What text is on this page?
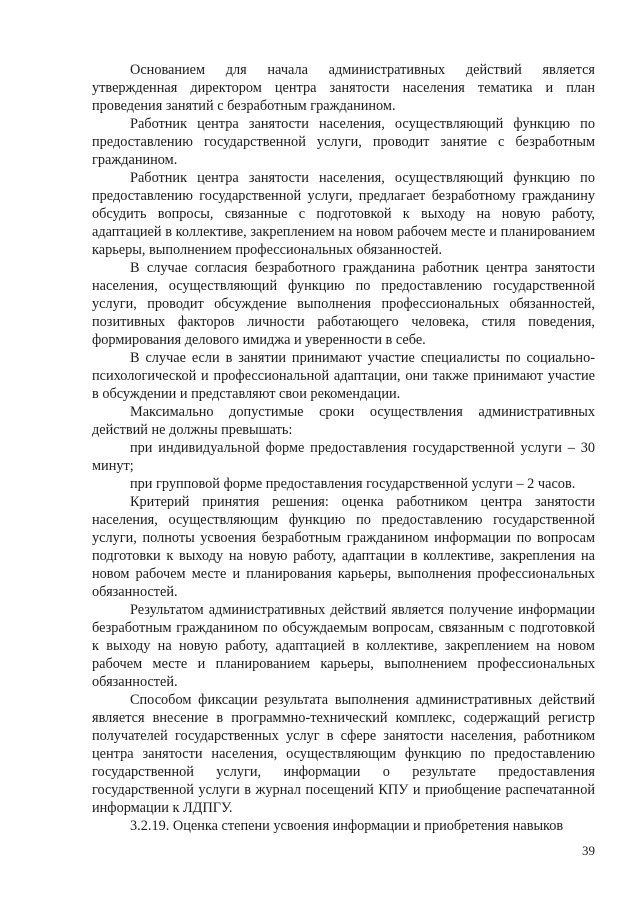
Основанием для начала административных действий является утвержденная директором центра занятости населения тематика и план проведения занятий с безработным гражданином.

Работник центра занятости населения, осуществляющий функцию по предоставлению государственной услуги, проводит занятие с безработным гражданином.

Работник центра занятости населения, осуществляющий функцию по предоставлению государственной услуги, предлагает безработному гражданину обсудить вопросы, связанные с подготовкой к выходу на новую работу, адаптацией в коллективе, закреплением на новом рабочем месте и планированием карьеры, выполнением профессиональных обязанностей.

В случае согласия безработного гражданина работник центра занятости населения, осуществляющий функцию по предоставлению государственной услуги, проводит обсуждение выполнения профессиональных обязанностей, позитивных факторов личности работающего человека, стиля поведения, формирования делового имиджа и уверенности в себе.

В случае если в занятии принимают участие специалисты по социально-психологической и профессиональной адаптации, они также принимают участие в обсуждении и представляют свои рекомендации.

Максимально допустимые сроки осуществления административных действий не должны превышать:

при индивидуальной форме предоставления государственной услуги – 30 минут;

при групповой форме предоставления государственной услуги – 2 часов.

Критерий принятия решения: оценка работником центра занятости населения, осуществляющим функцию по предоставлению государственной услуги, полноты усвоения безработным гражданином информации по вопросам подготовки к выходу на новую работу, адаптации в коллективе, закрепления на новом рабочем месте и планирования карьеры, выполнения профессиональных обязанностей.

Результатом административных действий является получение информации безработным гражданином по обсуждаемым вопросам, связанным с подготовкой к выходу на новую работу, адаптацией в коллективе, закреплением на новом рабочем месте и планированием карьеры, выполнением профессиональных обязанностей.

Способом фиксации результата выполнения административных действий является внесение в программно-технический комплекс, содержащий регистр получателей государственных услуг в сфере занятости населения, работником центра занятости населения, осуществляющим функцию по предоставлению государственной услуги, информации о результате предоставления государственной услуги в журнал посещений КПУ и приобщение распечатанной информации к ЛДПГУ.

3.2.19. Оценка степени усвоения информации и приобретения навыков

39
